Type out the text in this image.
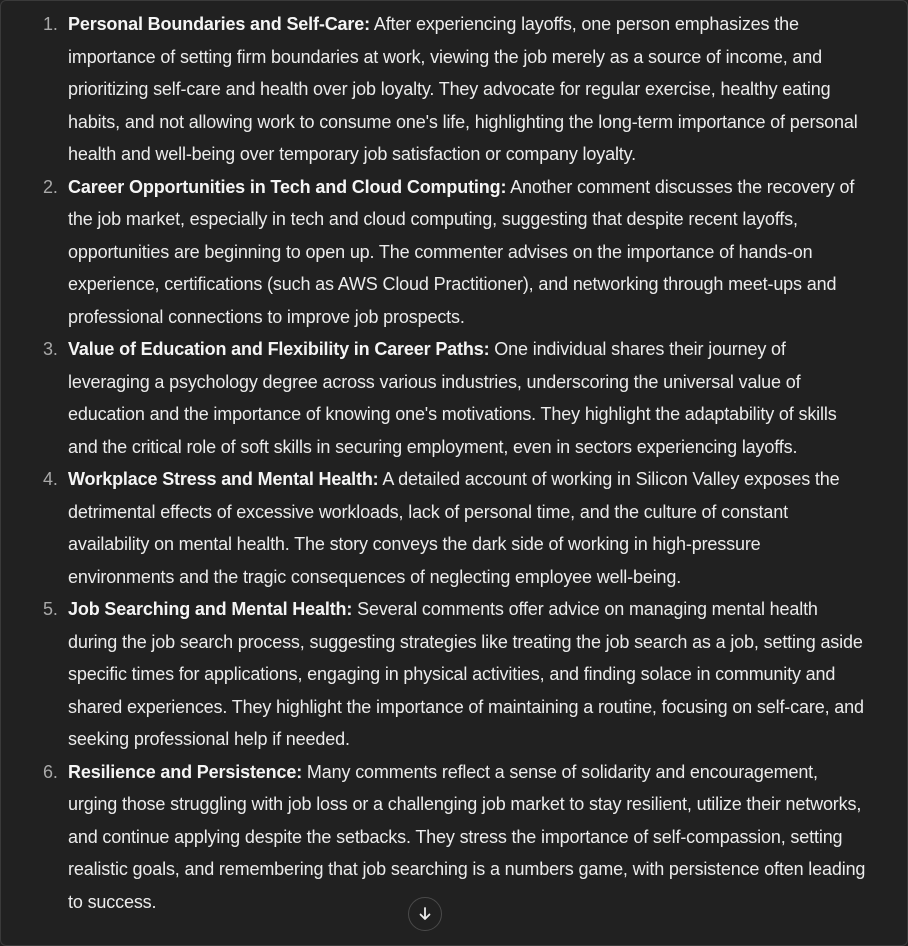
1. Personal Boundaries and Self-Care: After experiencing layoffs, one person emphasizes the importance of setting firm boundaries at work, viewing the job merely as a source of income, and prioritizing self-care and health over job loyalty. They advocate for regular exercise, healthy eating habits, and not allowing work to consume one's life, highlighting the long-term importance of personal health and well-being over temporary job satisfaction or company loyalty.
2. Career Opportunities in Tech and Cloud Computing: Another comment discusses the recovery of the job market, especially in tech and cloud computing, suggesting that despite recent layoffs, opportunities are beginning to open up. The commenter advises on the importance of hands-on experience, certifications (such as AWS Cloud Practitioner), and networking through meet-ups and professional connections to improve job prospects.
3. Value of Education and Flexibility in Career Paths: One individual shares their journey of leveraging a psychology degree across various industries, underscoring the universal value of education and the importance of knowing one's motivations. They highlight the adaptability of skills and the critical role of soft skills in securing employment, even in sectors experiencing layoffs.
4. Workplace Stress and Mental Health: A detailed account of working in Silicon Valley exposes the detrimental effects of excessive workloads, lack of personal time, and the culture of constant availability on mental health. The story conveys the dark side of working in high-pressure environments and the tragic consequences of neglecting employee well-being.
5. Job Searching and Mental Health: Several comments offer advice on managing mental health during the job search process, suggesting strategies like treating the job search as a job, setting aside specific times for applications, engaging in physical activities, and finding solace in community and shared experiences. They highlight the importance of maintaining a routine, focusing on self-care, and seeking professional help if needed.
6. Resilience and Persistence: Many comments reflect a sense of solidarity and encouragement, urging those struggling with job loss or a challenging job market to stay resilient, utilize their networks, and continue applying despite the setbacks. They stress the importance of self-compassion, setting realistic goals, and remembering that job searching is a numbers game, with persistence often leading to success.
